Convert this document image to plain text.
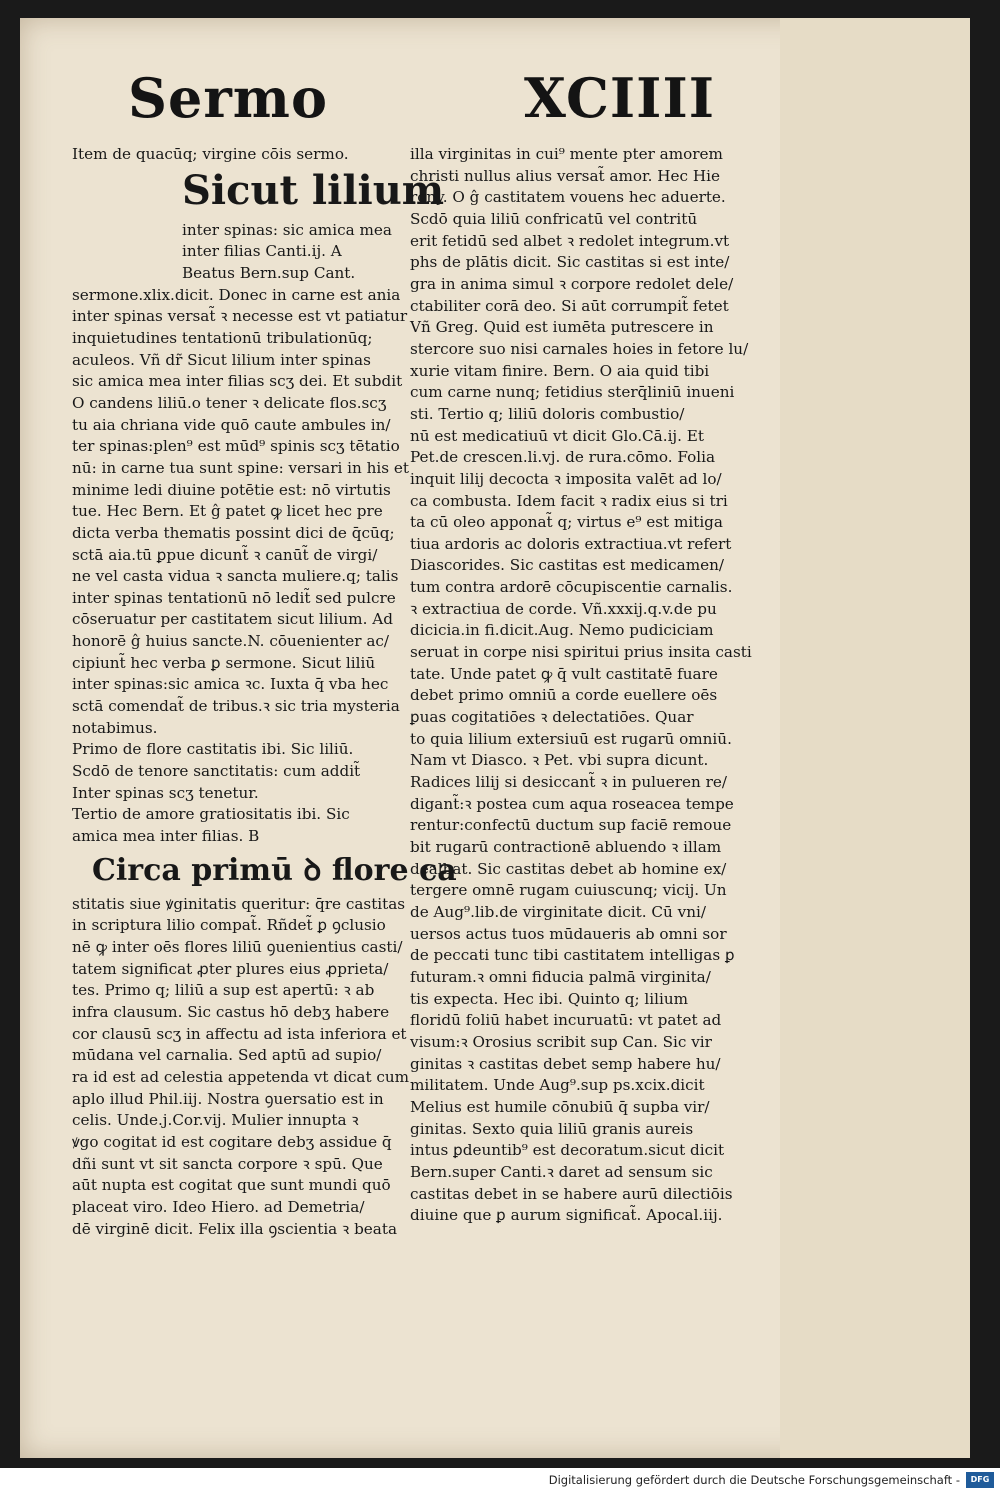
Sermo	XCIIII
Item de quacūq; virgine cōis sermo.
Sicut lilium
inter spinas: sic amica mea
inter filias Canti.ij. A
Beatus Bern.sup Cant.
sermone.xlix.dicit. Donec in carne est ania
inter spinas versat̃ ꝛ necesse est vt patiatur
inquietudines tentationū tribulationūq;
aculeos. Vñ dr̃ Sicut lilium inter spinas
sic amica mea inter filias scʒ dei. Et subdit
O candens liliū.o tener ꝛ delicate flos.scʒ
tu aia chriana vide quō caute ambules in/
ter spinas:plen⁹ est mūd⁹ spinis scʒ tētatio
nū: in carne tua sunt spine: versari in his et
minime ledi diuine potētie est: nō virtutis
tue. Hec Bern. Et ĝ patet ꝙ licet hec pre
dicta verba thematis possint dici de q̄cūq;
sctā aia.tū ꝑpue dicunt̃ ꝛ canūt̃ de virgi/
ne vel casta vidua ꝛ sancta muliere.q; talis
inter spinas tentationū nō ledit̃ sed pulcre
cōseruatur per castitatem sicut lilium. Ad
honorē ĝ huius sancte.N. cōuenienter ac/
cipiunt̃ hec verba ꝑ sermone. Sicut liliū
inter spinas:sic amica ꝛc. Iuxta q̄ vba hec
sctā comendat̃ de tribus.ꝛ sic tria mysteria
notabimus.
Primo de flore castitatis ibi. Sic liliū.
Scdō de tenore sanctitatis: cum addit̃
Inter spinas scʒ tenetur.
Tertio de amore gratiositatis ibi. Sic
amica mea inter filias. B
Circa primū ꝺ flore ca
stitatis siue ꝟginitatis queritur: q̄re castitas
in scriptura lilio compat̃. Rñdet̃ ꝑ ꝯclusio
nē ꝙ inter oēs flores liliū ꝯuenientius casti/
tatem significat ꝓter plures eius ꝓprieta/
tes. Primo q; liliū a sup est apertū: ꝛ ab
infra clausum. Sic castus hō debʒ habere
cor clausū scʒ in affectu ad ista inferiora et
mūdana vel carnalia. Sed aptū ad supio/
ra id est ad celestia appetenda vt dicat cum
aplo illud Phil.iij. Nostra ꝯuersatio est in
celis. Unde.j.Cor.vij. Mulier innupta ꝛ
ꝟgo cogitat id est cogitare debʒ assidue q̄
dñi sunt vt sit sancta corpore ꝛ spū. Que
aūt nupta est cogitat que sunt mundi quō
placeat viro. Ideo Hiero. ad Demetria/
dē virginē dicit. Felix illa ꝯscientia ꝛ beata
illa virginitas in cui⁹ mente pter amorem
christi nullus alius versat̃ amor. Hec Hie
rony. O ĝ castitatem vouens hec aduerte.
Scdō quia liliū confricatū vel contritū
erit fetidū sed albet ꝛ redolet integrum.vt
phs de plātis dicit. Sic castitas si est inte/
gra in anima simul ꝛ corpore redolet dele/
ctabiliter corā deo. Si aūt corrumpit̃ fetet
Vñ Greg. Quid est iumēta putrescere in
stercore suo nisi carnales hoies in fetore lu/
xurie vitam finire. Bern. O aia quid tibi
cum carne nunq; fetidius sterq̄liniū inueni
sti. Tertio q; liliū doloris combustio/
nū est medicatiuū vt dicit Glo.Cā.ij. Et
Pet.de crescen.li.vj. de rura.cōmo. Folia
inquit lilij decocta ꝛ imposita valēt ad lo/
ca combusta. Idem facit ꝛ radix eius si tri
ta cū oleo apponat̃ q; virtus e⁹ est mitiga
tiua ardoris ac doloris extractiua.vt refert
Diascorides. Sic castitas est medicamen/
tum contra ardorē cōcupiscentie carnalis.
ꝛ extractiua de corde. Vñ.xxxij.q.v.de pu
dicicia.in fi.dicit.Aug. Nemo pudiciciam
seruat in corpe nisi spiritui prius insita casti
tate. Unde patet ꝙ q̄ vult castitatē fuare
debet primo omniū a corde euellere oēs
ꝑuas cogitatiōes ꝛ delectatiōes. Quar
to quia lilium extersiuū est rugarū omniū.
Nam vt Diasco. ꝛ Pet. vbi supra dicunt.
Radices lilij si desiccant̃ ꝛ in pulueren re/
digant̃:ꝛ postea cum aqua roseacea tempe
rentur:confectū ductum sup faciē remoue
bit rugarū contractionē abluendo ꝛ illam
dealbat. Sic castitas debet ab homine ex/
tergere omnē rugam cuiuscunq; vicij. Un
de Aug⁹.lib.de virginitate dicit. Cū vni/
uersos actus tuos mūdaueris ab omni sor
de peccati tunc tibi castitatem intelligas ꝑ
futuram.ꝛ omni fiducia palmā virginita/
tis expecta. Hec ibi. Quinto q; lilium
floridū foliū habet incuruatū: vt patet ad
visum:ꝛ Orosius scribit sup Can. Sic vir
ginitas ꝛ castitas debet semp habere hu/
militatem. Unde Aug⁹.sup ps.xcix.dicit
Melius est humile cōnubiū q̄ supba vir/
ginitas. Sexto quia liliū granis aureis
intus ꝑdeuntib⁹ est decoratum.sicut dicit
Bern.super Canti.ꝛ daret ad sensum sic
castitas debet in se habere aurū dilectiōis
diuine que ꝑ aurum significat̃. Apocal.iij.
Digitalisierung gefördert durch die Deutsche Forschungsgemeinschaft -	DFG
